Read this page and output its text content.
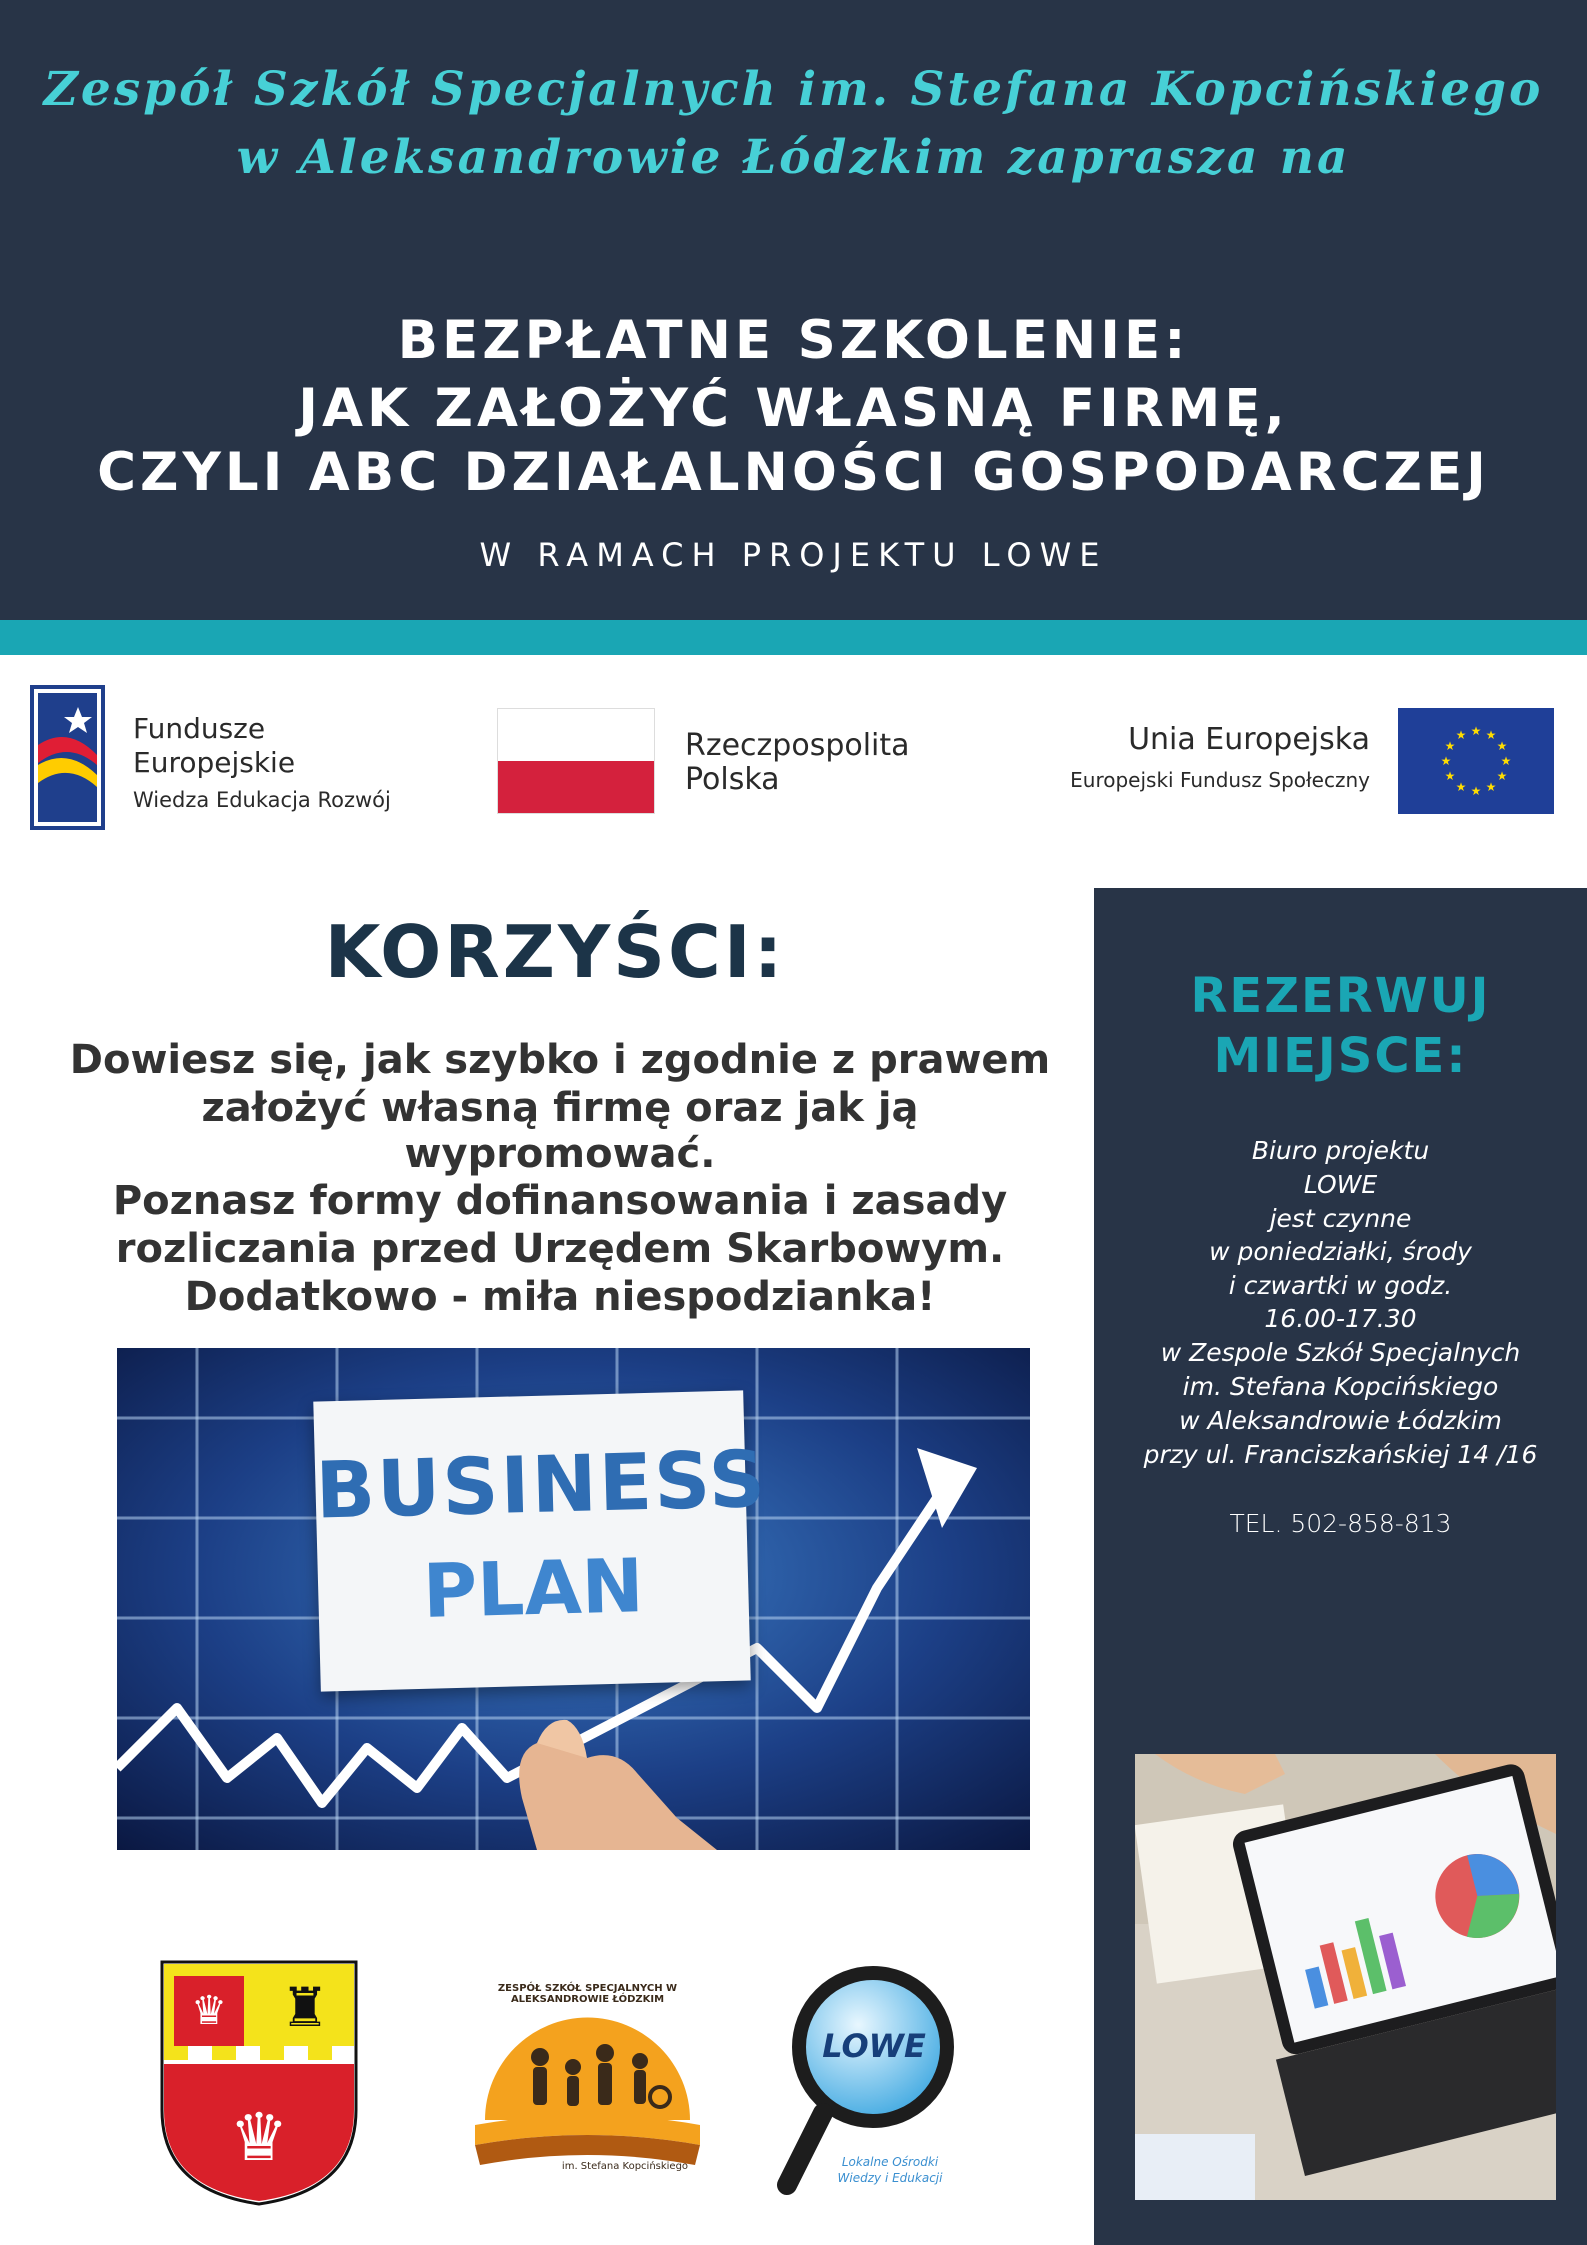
Zespół Szkół Specjalnych im. Stefana Kopcińskiego
w Aleksandrowie Łódzkim zaprasza na
BEZPŁATNE SZKOLENIE:
JAK ZAŁOŻYĆ WŁASNĄ FIRMĘ,
CZYLI ABC DZIAŁALNOŚCI GOSPODARCZEJ
W RAMACH PROJEKTU LOWE
Fundusze
Europejskie
Wiedza Edukacja Rozwój
Rzeczpospolita
Polska
Unia Europejska
Europejski Fundusz Społeczny
★ ★
★
★
★
★
★
★
★
★
★
★
KORZYŚCI:
Dowiesz się, jak szybko i zgodnie z prawem
założyć własną firmę oraz jak ją
wypromować.
Poznasz formy dofinansowania i zasady
rozliczania przed Urzędem Skarbowym.
Dodatkowo - miła niespodzianka!
BUSINESS
PLAN
REZERWUJ
MIEJSCE:
Biuro projektu
LOWE
jest czynne
w poniedziałki, środy
i czwartki w godz.
16.00-17.30
w Zespole Szkół Specjalnych
im. Stefana Kopcińskiego
w Aleksandrowie Łódzkim
przy ul. Franciszkańskiej 14 /16
TEL. 502-858-813
♛ ♜
♛
ZESPÓŁ SZKÓŁ SPECJALNYCH W ALEKSANDROWIE ŁÓDZKIM
im. Stefana Kopcińskiego
LOWE
Lokalne Ośrodki
Wiedzy i Edukacji
